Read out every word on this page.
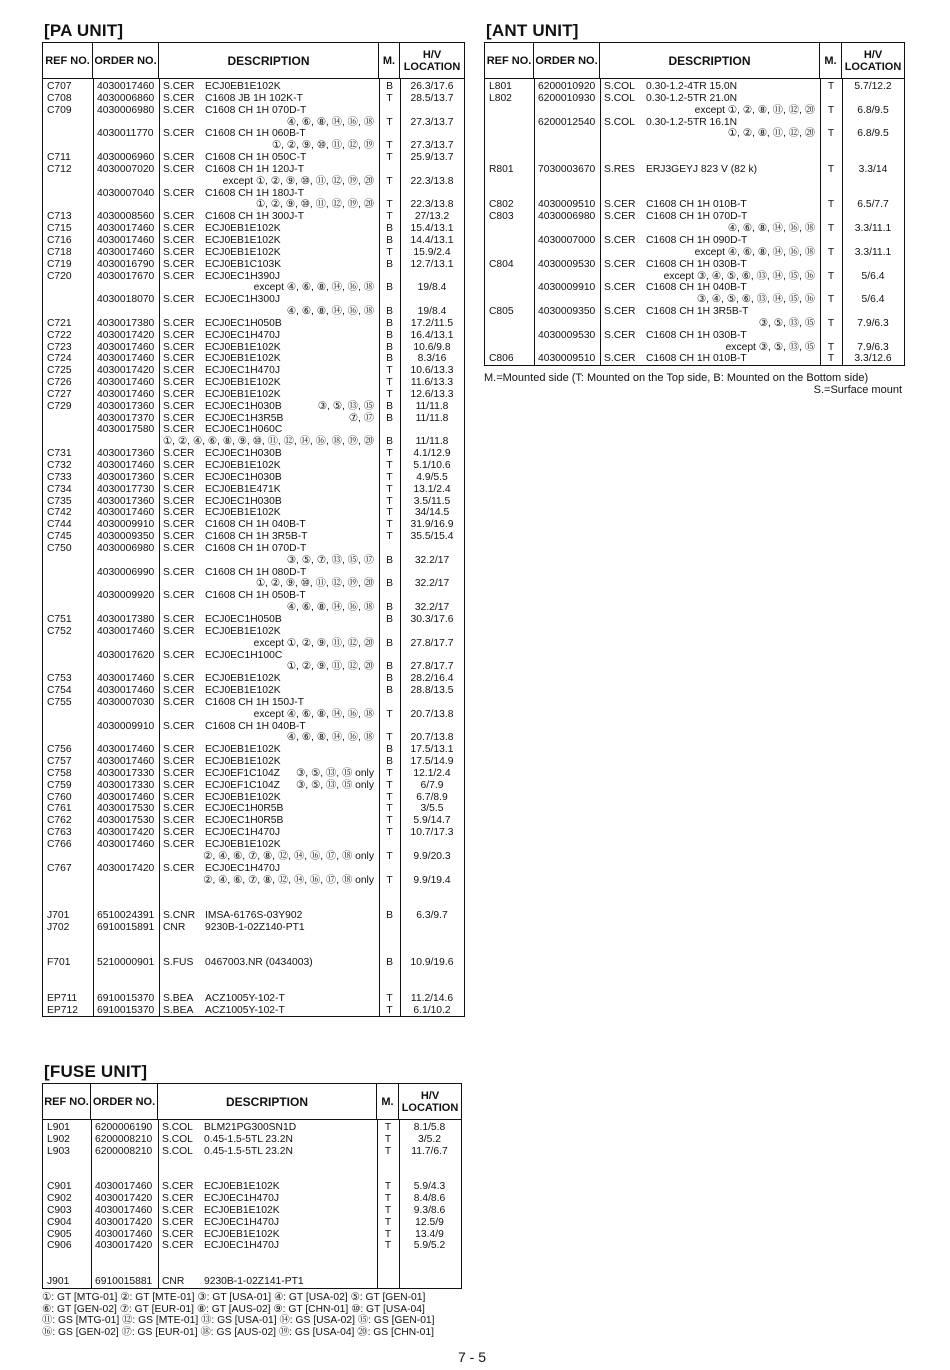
[PA UNIT]
REF NO. ORDER NO.	DESCRIPTION	M.	H/V LOCATION
C707	4030017460 S.CER ECJ0EB1E102K	B	26.3/17.6
C708	4030006860 S.CER C1608 JB 1H 102K-T	T	28.5/13.7
C709	4030006980 S.CER C1608 CH 1H 070D-T
④, ⑥, ⑧, ⑭, ⑯, ⑱	T	27.3/13.7
4030011770 S.CER C1608 CH 1H 060B-T
①, ②, ⑨, ⑩, ⑪, ⑫, ⑲	T	27.3/13.7
C711	4030006960 S.CER C1608 CH 1H 050C-T	T	25.9/13.7
C712	4030007020 S.CER C1608 CH 1H 120J-T
except ①, ②, ⑨, ⑩, ⑪, ⑫, ⑲, ⑳	T	22.3/13.8
4030007040 S.CER C1608 CH 1H 180J-T
①, ②, ⑨, ⑩, ⑪, ⑫, ⑲, ⑳	T	22.3/13.8
C713	4030008560 S.CER C1608 CH 1H 300J-T	T	27/13.2
C715	4030017460 S.CER ECJ0EB1E102K	B	15.4/13.1
C716	4030017460 S.CER ECJ0EB1E102K	B	14.4/13.1
C718	4030017460 S.CER ECJ0EB1E102K	T	15.9/2.4
C719	4030016790 S.CER ECJ0EB1C103K	B	12.7/13.1
C720	4030017670 S.CER ECJ0EC1H390J
except ④, ⑥, ⑧, ⑭, ⑯, ⑱	B	19/8.4
4030018070 S.CER ECJ0EC1H300J
④, ⑥, ⑧, ⑭, ⑯, ⑱	B	19/8.4
C721	4030017380 S.CER ECJ0EC1H050B	B	17.2/11.5
C722	4030017420 S.CER ECJ0EC1H470J	B	16.4/13.1
C723	4030017460 S.CER ECJ0EB1E102K	B	10.6/9.8
C724	4030017460 S.CER ECJ0EB1E102K	B	8.3/16
C725	4030017420 S.CER ECJ0EC1H470J	T	10.6/13.3
C726	4030017460 S.CER ECJ0EB1E102K	T	11.6/13.3
C727	4030017460 S.CER ECJ0EB1E102K	T	12.6/13.3
C729	4030017360 S.CER ECJ0EC1H030B	③, ⑤, ⑬, ⑮	B	11/11.8
4030017370 S.CER ECJ0EC1H3R5B	⑦, ⑰	B	11/11.8
4030017580 S.CER ECJ0EC1H060C
①, ②, ④, ⑥, ⑧, ⑨, ⑩, ⑪, ⑫, ⑭, ⑯, ⑱, ⑲, ⑳	B	11/11.8
C731	4030017360 S.CER ECJ0EC1H030B	T	4.1/12.9
C732	4030017460 S.CER ECJ0EB1E102K	T	5.1/10.6
C733	4030017360 S.CER ECJ0EC1H030B	T	4.9/5.5
C734	4030017730 S.CER ECJ0EB1E471K	T	13.1/2.4
C735	4030017360 S.CER ECJ0EC1H030B	T	3.5/11.5
C742	4030017460 S.CER ECJ0EB1E102K	T	34/14.5
C744	4030009910 S.CER C1608 CH 1H 040B-T	T	31.9/16.9
C745	4030009350 S.CER C1608 CH 1H 3R5B-T	T	35.5/15.4
C750	4030006980 S.CER C1608 CH 1H 070D-T
③, ⑤, ⑦, ⑬, ⑮, ⑰	B	32.2/17
4030006990 S.CER C1608 CH 1H 080D-T
①, ②, ⑨, ⑩, ⑪, ⑫, ⑲, ⑳	B	32.2/17
4030009920 S.CER C1608 CH 1H 050B-T
④, ⑥, ⑧, ⑭, ⑯, ⑱	B	32.2/17
C751	4030017380 S.CER ECJ0EC1H050B	B	30.3/17.6
C752	4030017460 S.CER ECJ0EB1E102K
except ①, ②, ⑨, ⑪, ⑫, ⑳	B	27.8/17.7
4030017620 S.CER ECJ0EC1H100C
①, ②, ⑨, ⑪, ⑫, ⑳	B	27.8/17.7
C753	4030017460 S.CER ECJ0EB1E102K	B	28.2/16.4
C754	4030017460 S.CER ECJ0EB1E102K	B	28.8/13.5
C755	4030007030 S.CER C1608 CH 1H 150J-T
except ④, ⑥, ⑧, ⑭, ⑯, ⑱	T	20.7/13.8
4030009910 S.CER C1608 CH 1H 040B-T
④, ⑥, ⑧, ⑭, ⑯, ⑱	T	20.7/13.8
C756	4030017460 S.CER ECJ0EB1E102K	B	17.5/13.1
C757	4030017460 S.CER ECJ0EB1E102K	B	17.5/14.9
C758	4030017330 S.CER ECJ0EF1C104Z ③, ⑤, ⑬, ⑮ only	T	12.1/2.4
C759	4030017330 S.CER ECJ0EF1C104Z ③, ⑤, ⑬, ⑮ only	T	6/7.9
C760	4030017460 S.CER ECJ0EB1E102K	T	6.7/8.9
C761	4030017530 S.CER ECJ0EC1H0R5B	T	3/5.5
C762	4030017530 S.CER ECJ0EC1H0R5B	T	5.9/14.7
C763	4030017420 S.CER ECJ0EC1H470J	T	10.7/17.3
C766	4030017460 S.CER ECJ0EB1E102K
②, ④, ⑥, ⑦, ⑧, ⑫, ⑭, ⑯, ⑰, ⑱ only	T	9.9/20.3
C767	4030017420 S.CER ECJ0EC1H470J
②, ④, ⑥, ⑦, ⑧, ⑫, ⑭, ⑯, ⑰, ⑱ only	T	9.9/19.4
J701	6510024391 S.CNR IMSA-6176S-03Y902	B	6.3/9.7
J702	6910015891 CNR 9230B-1-02Z140-PT1
F701	5210000901 S.FUS 0467003.NR (0434003)	B	10.9/19.6
EP711	6910015370 S.BEA ACZ1005Y-102-T	T	11.2/14.6
EP712	6910015370 S.BEA ACZ1005Y-102-T	T	6.1/10.2
[ANT UNIT]
REF NO. ORDER NO.	DESCRIPTION	M.	H/V LOCATION
L801	6200010920 S.COL 0.30-1.2-4TR 15.0N	T	5.7/12.2
L802	6200010930 S.COL 0.30-1.2-5TR 21.0N
except ①, ②, ⑧, ⑪, ⑫, ⑳	T	6.8/9.5
6200012540 S.COL 0.30-1.2-5TR 16.1N
①, ②, ⑧, ⑪, ⑫, ⑳	T	6.8/9.5
R801	7030003670 S.RES ERJ3GEYJ 823 V (82 k)	T	3.3/14
C802	4030009510 S.CER C1608 CH 1H 010B-T	T	6.5/7.7
C803	4030006980 S.CER C1608 CH 1H 070D-T
④, ⑥, ⑧, ⑭, ⑯, ⑱	T	3.3/11.1
4030007000 S.CER C1608 CH 1H 090D-T
except ④, ⑥, ⑧, ⑭, ⑯, ⑱	T	3.3/11.1
C804	4030009530 S.CER C1608 CH 1H 030B-T
except ③, ④, ⑤, ⑥, ⑬, ⑭, ⑮, ⑯	T	5/6.4
4030009910 S.CER C1608 CH 1H 040B-T
③, ④, ⑤, ⑥, ⑬, ⑭, ⑮, ⑯	T	5/6.4
C805	4030009350 S.CER C1608 CH 1H 3R5B-T
③, ⑤, ⑬, ⑮	T	7.9/6.3
4030009530 S.CER C1608 CH 1H 030B-T
except ③, ⑤, ⑬, ⑮	T	7.9/6.3
C806	4030009510 S.CER C1608 CH 1H 010B-T	T	3.3/12.6
M.=Mounted side (T: Mounted on the Top side, B: Mounted on the Bottom side)
S.=Surface mount
[FUSE UNIT]
REF NO. ORDER NO.	DESCRIPTION	M.	H/V LOCATION
L901	6200006190 S.COL BLM21PG300SN1D	T	8.1/5.8
L902	6200008210 S.COL 0.45-1.5-5TL 23.2N	T	3/5.2
L903	6200008210 S.COL 0.45-1.5-5TL 23.2N	T	11.7/6.7
C901	4030017460 S.CER ECJ0EB1E102K	T	5.9/4.3
C902	4030017420 S.CER ECJ0EC1H470J	T	8.4/8.6
C903	4030017460 S.CER ECJ0EB1E102K	T	9.3/8.6
C904	4030017420 S.CER ECJ0EC1H470J	T	12.5/9
C905	4030017460 S.CER ECJ0EB1E102K	T	13.4/9
C906	4030017420 S.CER ECJ0EC1H470J	T	5.9/5.2
J901	6910015881 CNR 9230B-1-02Z141-PT1
①: GT [MTG-01] ②: GT [MTE-01] ③: GT [USA-01] ④: GT [USA-02] ⑤: GT [GEN-01]
⑥: GT [GEN-02] ⑦: GT [EUR-01] ⑧: GT [AUS-02] ⑨: GT [CHN-01] ⑩: GT [USA-04]
⑪: GS [MTG-01] ⑫: GS [MTE-01] ⑬: GS [USA-01] ⑭: GS [USA-02] ⑮: GS [GEN-01]
⑯: GS [GEN-02] ⑰: GS [EUR-01] ⑱: GS [AUS-02] ⑲: GS [USA-04] ⑳: GS [CHN-01]
7 - 5
